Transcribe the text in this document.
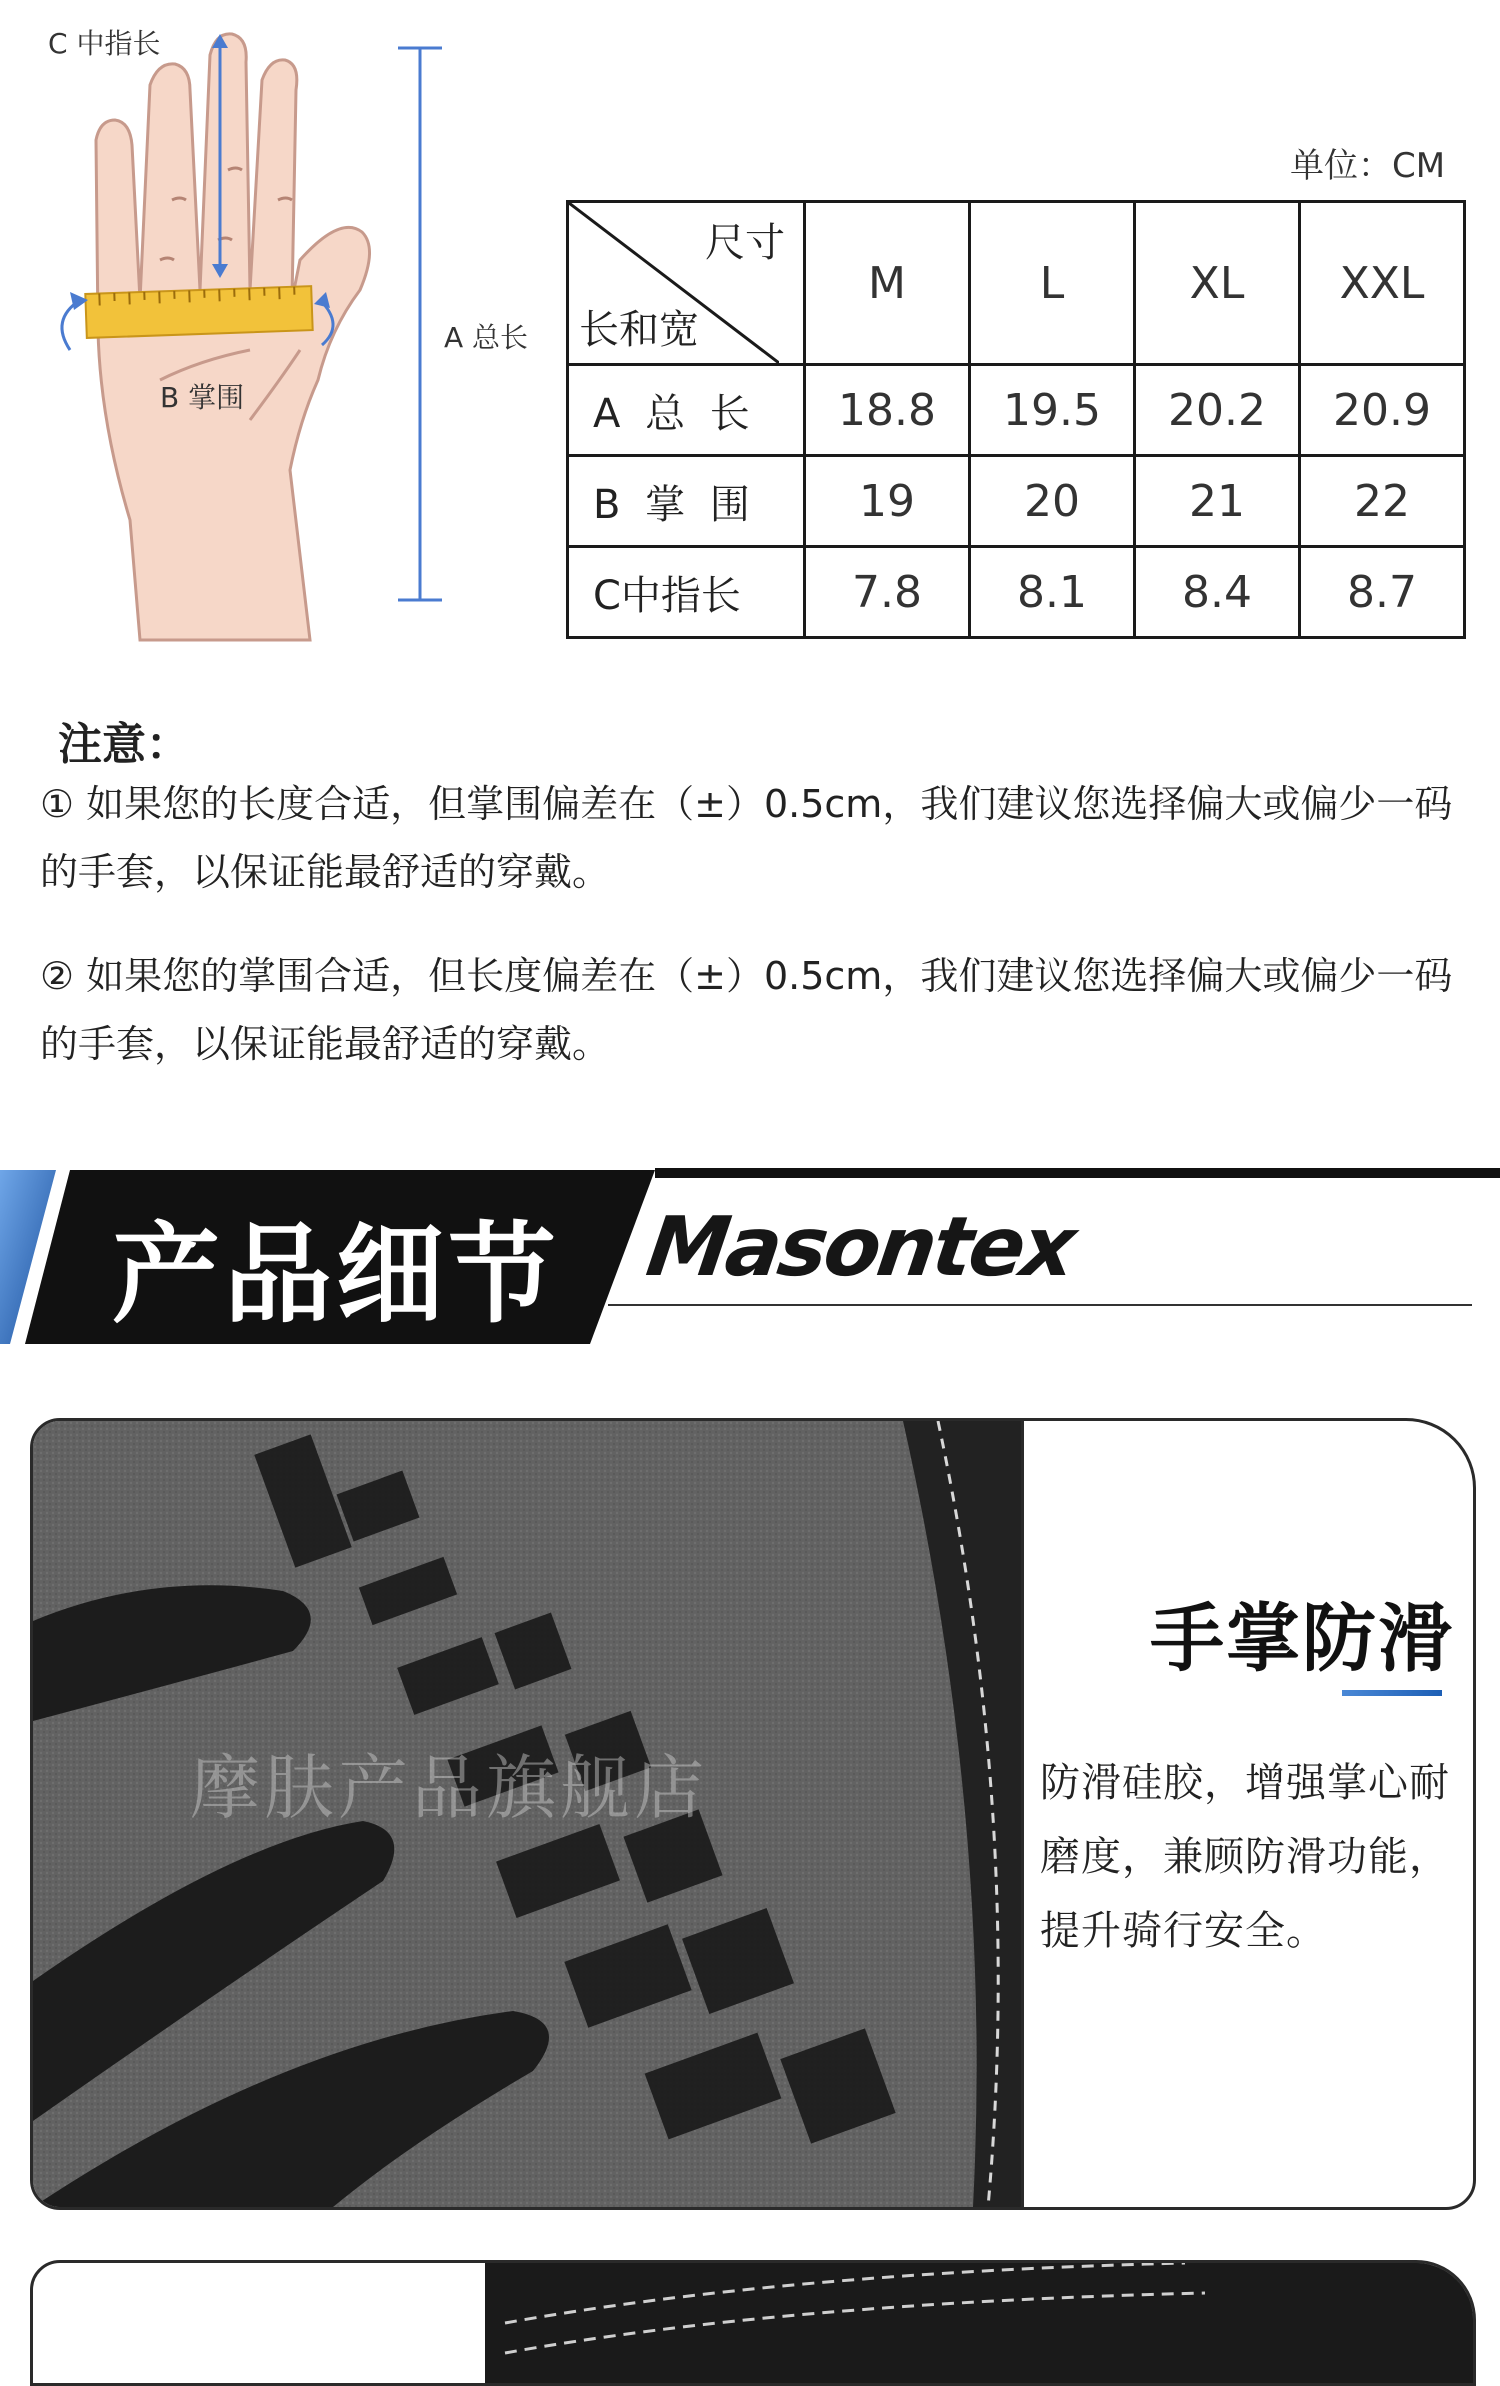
C 中指长
A 总长
B 掌围
单位：CM
尺寸
长和宽	M	L	XL	XXL
A 总 长	18.8	19.5	20.2	20.9
B 掌 围	19	20	21	22
C中指长	7.8	8.1	8.4	8.7
注意：
① 如果您的长度合适，但掌围偏差在（±）0.5cm，我们建议您选择偏大或偏少一码的手套，以保证能最舒适的穿戴。
② 如果您的掌围合适，但长度偏差在（±）0.5cm，我们建议您选择偏大或偏少一码的手套，以保证能最舒适的穿戴。
产品细节 Masontex
摩肤产品旗舰店
手掌防滑
防滑硅胶，增强掌心耐磨度，兼顾防滑功能，提升骑行安全。
